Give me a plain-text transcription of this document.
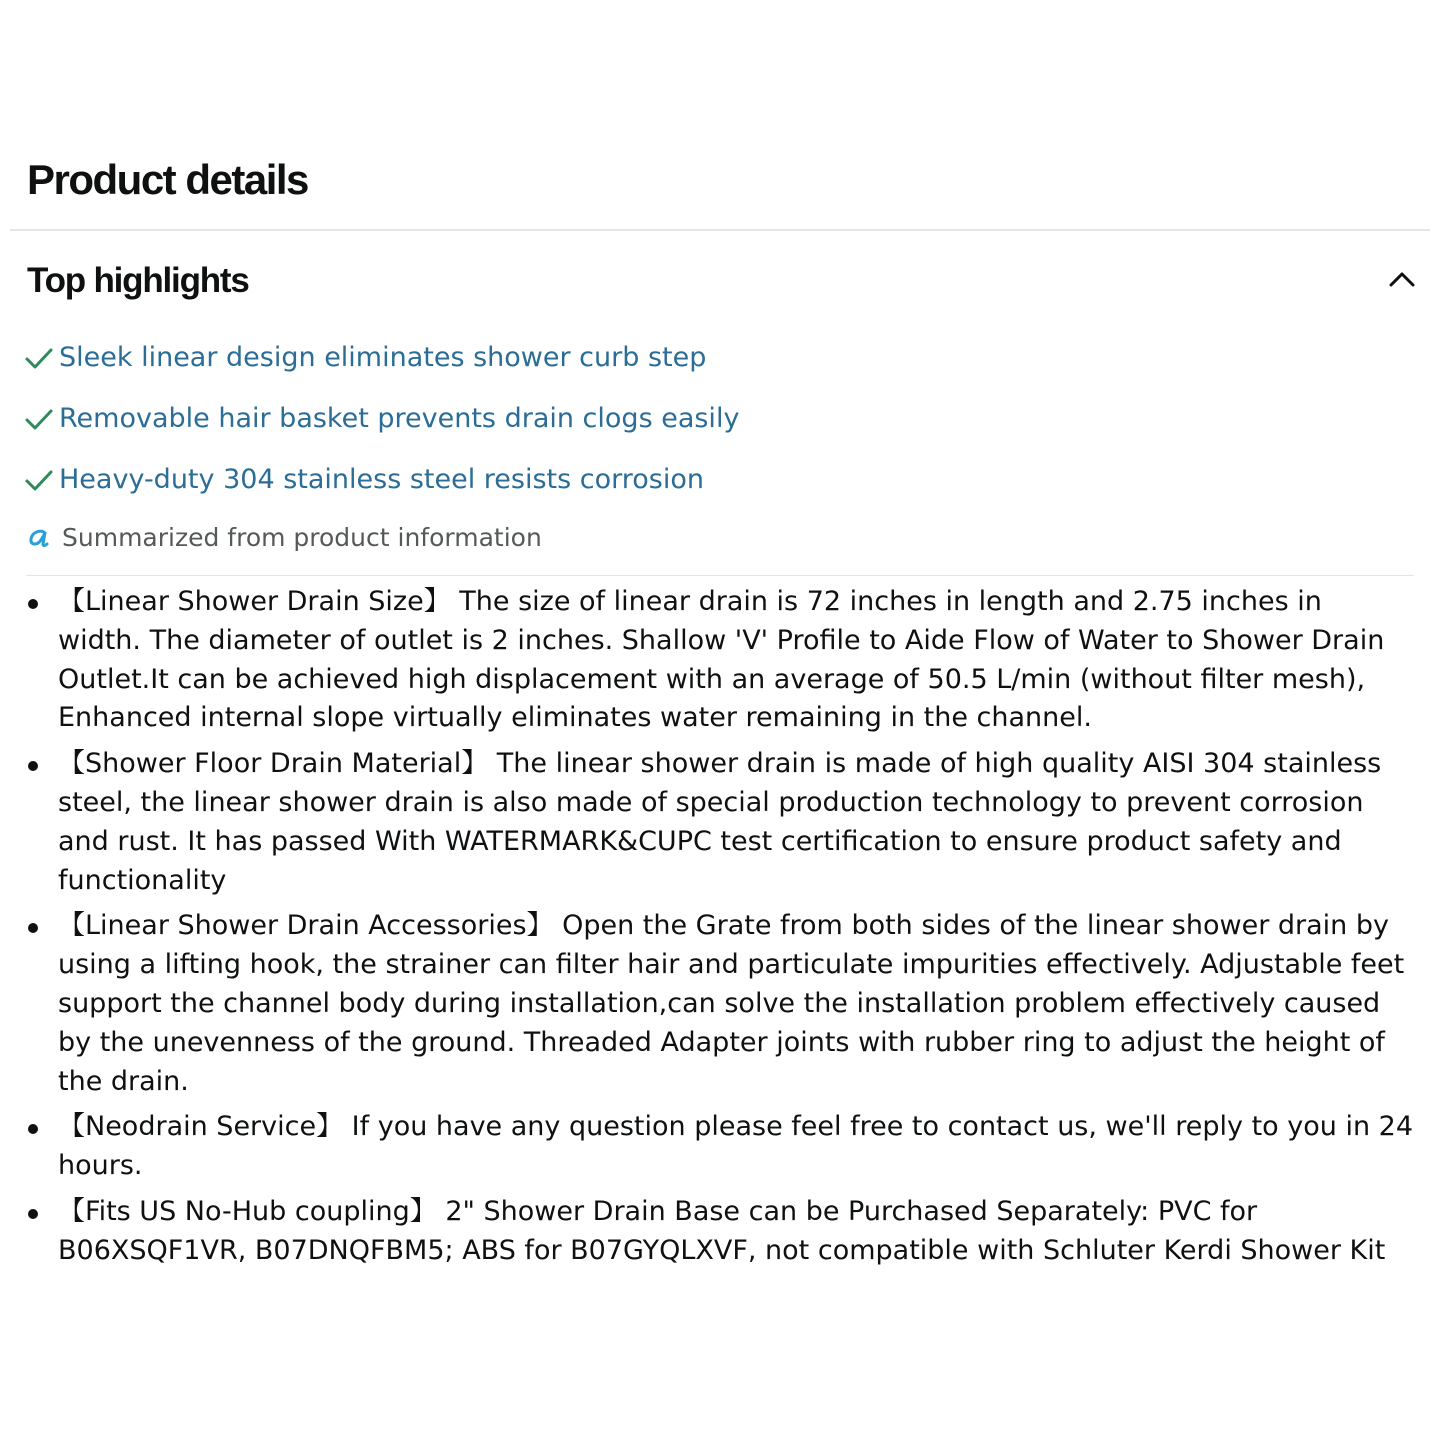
Product details
Top highlights
Sleek linear design eliminates shower curb step
Removable hair basket prevents drain clogs easily
Heavy-duty 304 stainless steel resists corrosion
Summarized from product information
【Linear Shower Drain Size】 The size of linear drain is 72 inches in length and 2.75 inches in width. The diameter of outlet is 2 inches. Shallow 'V' Profile to Aide Flow of Water to Shower Drain Outlet.It can be achieved high displacement with an average of 50.5 L/min (without filter mesh), Enhanced internal slope virtually eliminates water remaining in the channel.
【Shower Floor Drain Material】 The linear shower drain is made of high quality AISI 304 stainless steel, the linear shower drain is also made of special production technology to prevent corrosion and rust. It has passed With WATERMARK&CUPC test certification to ensure product safety and functionality
【Linear Shower Drain Accessories】 Open the Grate from both sides of the linear shower drain by using a lifting hook, the strainer can filter hair and particulate impurities effectively. Adjustable feet support the channel body during installation,can solve the installation problem effectively caused by the unevenness of the ground. Threaded Adapter joints with rubber ring to adjust the height of the drain.
【Neodrain Service】 If you have any question please feel free to contact us, we'll reply to you in 24 hours.
【Fits US No-Hub coupling】 2" Shower Drain Base can be Purchased Separately: PVC for B06XSQF1VR, B07DNQFBM5; ABS for B07GYQLXVF, not compatible with Schluter Kerdi Shower Kit
